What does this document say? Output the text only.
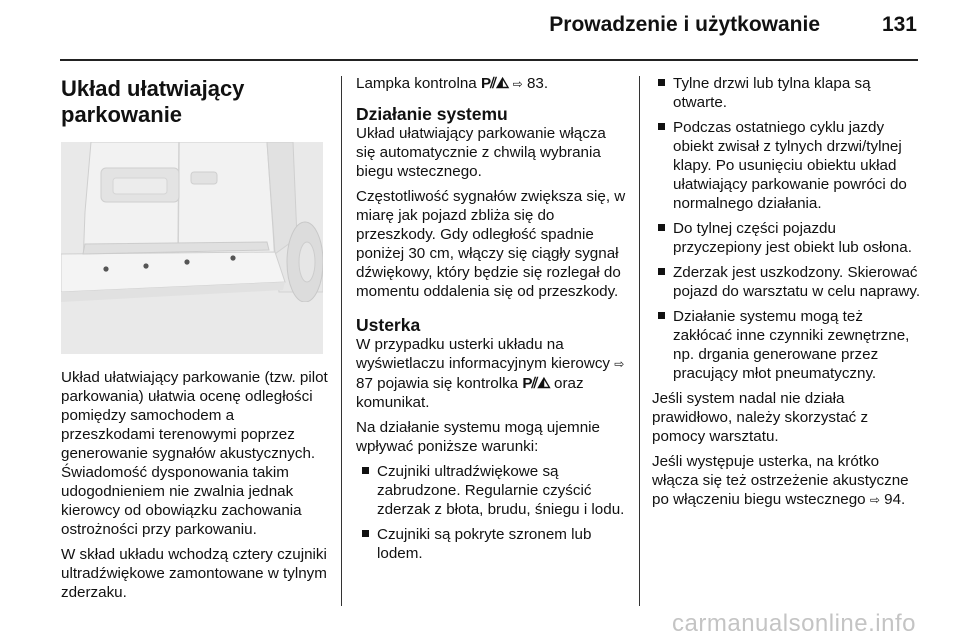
Prowadzenie i użytkowanie	131
Układ ułatwiający
parkowanie

Układ ułatwiający parkowanie (tzw. pilot parkowania) ułatwia ocenę odległości pomiędzy samochodem a przeszkodami terenowymi poprzez generowanie sygnałów akustycznych. Świadomość dysponowania takim udogodnieniem nie zwalnia jednak kierowcy od obowiązku zachowania ostrożności przy parkowaniu.

W skład układu wchodzą cztery czujniki ultradźwiękowe zamontowane w tylnym zderzaku.

Lampka kontrolna P⫽◭ ⇨ 83.

Działanie systemu

Układ ułatwiający parkowanie włącza się automatycznie z chwilą wybrania biegu wstecznego.

Częstotliwość sygnałów zwiększa się, w miarę jak pojazd zbliża się do przeszkody. Gdy odległość spadnie poniżej 30 cm, włączy się ciągły sygnał dźwiękowy, który będzie się rozlegał do momentu oddalenia się od przeszkody.

Usterka

W przypadku usterki układu na wyświetlaczu informacyjnym kierowcy ⇨ 87 pojawia się kontrolka P⫽◭ oraz komunikat.

Na działanie systemu mogą ujemnie wpływać poniższe warunki:

Czujniki ultradźwiękowe są zabrudzone. Regularnie czyścić zderzak z błota, brudu, śniegu i lodu.
Czujniki są pokryte szronem lub lodem.
Tylne drzwi lub tylna klapa są otwarte.
Podczas ostatniego cyklu jazdy obiekt zwisał z tylnych drzwi/tylnej klapy. Po usunięciu obiektu układ ułatwiający parkowanie powróci do normalnego działania.
Do tylnej części pojazdu przyczepiony jest obiekt lub osłona.
Zderzak jest uszkodzony. Skierować pojazd do warsztatu w celu naprawy.
Działanie systemu mogą też zakłócać inne czynniki zewnętrzne, np. drgania generowane przez pracujący młot pneumatyczny.

Jeśli system nadal nie działa prawidłowo, należy skorzystać z pomocy warsztatu.

Jeśli występuje usterka, na krótko włącza się też ostrzeżenie akustyczne po włączeniu biegu wstecznego ⇨ 94.

carmanualsonline.info
